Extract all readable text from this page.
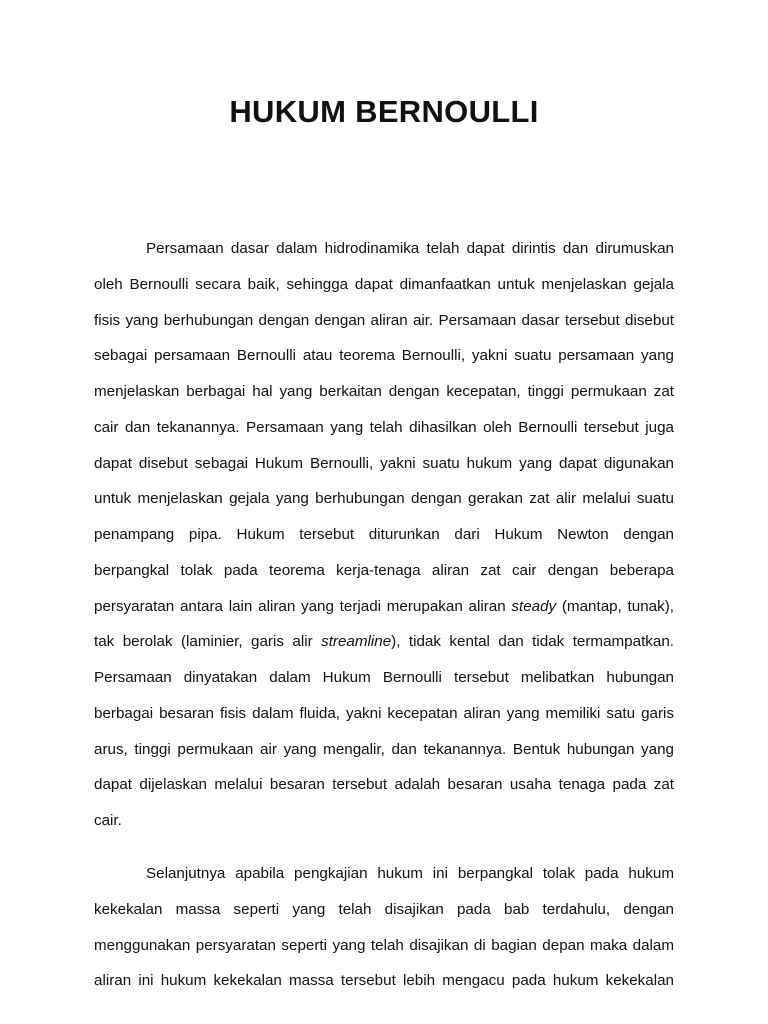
HUKUM BERNOULLI
Persamaan dasar dalam hidrodinamika telah dapat dirintis dan dirumuskan
oleh Bernoulli secara baik, sehingga dapat dimanfaatkan untuk menjelaskan gejala
fisis yang berhubungan dengan dengan aliran air. Persamaan dasar tersebut disebut
sebagai persamaan Bernoulli atau teorema Bernoulli, yakni suatu persamaan yang
menjelaskan berbagai hal yang berkaitan dengan kecepatan, tinggi permukaan zat
cair dan tekanannya. Persamaan yang telah dihasilkan oleh Bernoulli tersebut juga
dapat disebut sebagai Hukum Bernoulli, yakni suatu hukum yang dapat digunakan
untuk menjelaskan gejala yang berhubungan dengan gerakan zat alir melalui suatu
penampang pipa. Hukum tersebut diturunkan dari Hukum Newton dengan
berpangkal tolak pada teorema kerja-tenaga aliran zat cair dengan beberapa
persyaratan antara lain aliran yang terjadi merupakan aliran steady (mantap, tunak),
tak berolak (laminier, garis alir streamline), tidak kental dan tidak termampatkan.
Persamaan dinyatakan dalam Hukum Bernoulli tersebut melibatkan hubungan
berbagai besaran fisis dalam fluida, yakni kecepatan aliran yang memiliki satu garis
arus, tinggi permukaan air yang mengalir, dan tekanannya. Bentuk hubungan yang
dapat dijelaskan melalui besaran tersebut adalah besaran usaha tenaga pada zat
cair.
Selanjutnya apabila pengkajian hukum ini berpangkal tolak pada hukum
kekekalan massa seperti yang telah disajikan pada bab terdahulu, dengan
menggunakan persyaratan seperti yang telah disajikan di bagian depan maka dalam
aliran ini hukum kekekalan massa tersebut lebih mengacu pada hukum kekekalan
